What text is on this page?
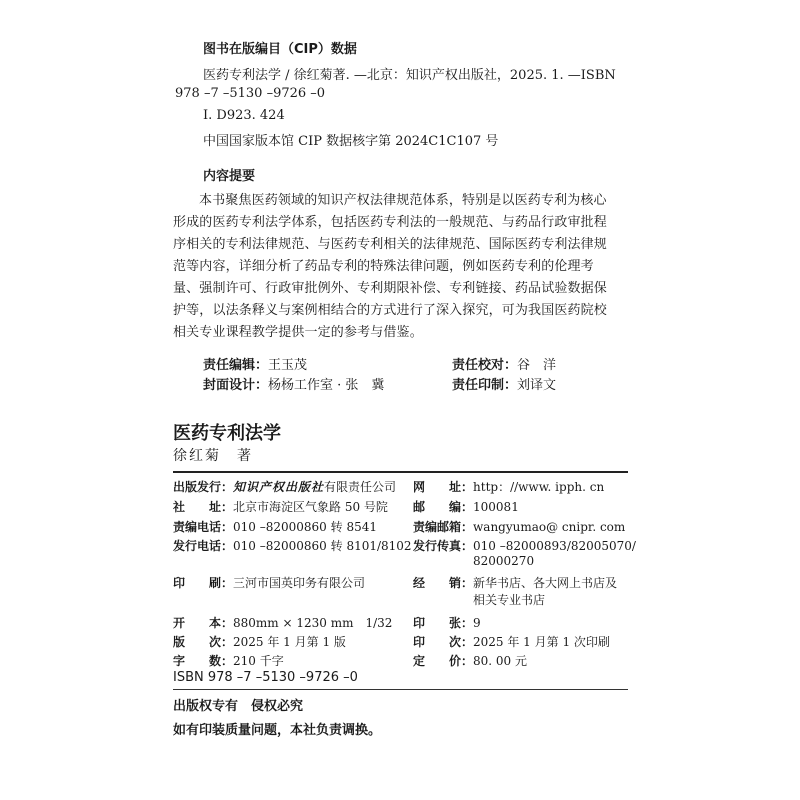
图书在版编目（CIP）数据
医药专利法学 / 徐红菊著. —北京：知识产权出版社，2025. 1. —ISBN
978 –7 –5130 –9726 –0
Ⅰ. D923. 424
中国国家版本馆 CIP 数据核字第 2024C1C107 号
内容提要
本书聚焦医药领域的知识产权法律规范体系，特别是以医药专利为核心
形成的医药专利法学体系，包括医药专利法的一般规范、与药品行政审批程
序相关的专利法律规范、与医药专利相关的法律规范、国际医药专利法律规
范等内容，详细分析了药品专利的特殊法律问题，例如医药专利的伦理考
量、强制许可、行政审批例外、专利期限补偿、专利链接、药品试验数据保
护等，以法条释义与案例相结合的方式进行了深入探究，可为我国医药院校
相关专业课程教学提供一定的参考与借鉴。
责任编辑：王玉茂	责任校对：谷　洋
封面设计：杨杨工作室 · 张　冀	责任印制：刘译文
医药专利法学
徐红菊　著
出版发行：知识产权出版社有限责任公司
社　　址：北京市海淀区气象路 50 号院
责编电话：010 –82000860 转 8541
发行电话：010 –82000860 转 8101/8102
印　　刷：三河市国英印务有限公司
开　　本：880mm × 1230 mm　1/32
版　　次：2025 年 1 月第 1 版
字　　数：210 千字
网　　址：http：//www. ipph. cn
邮　　编：100081
责编邮箱：wangyumao@ cnipr. com
发行传真：010 –82000893/82005070/
82000270
经　　销：新华书店、各大网上书店及
相关专业书店
印　　张：9
印　　次：2025 年 1 月第 1 次印刷
定　　价：80. 00 元
ISBN 978 –7 –5130 –9726 –0
出版权专有　侵权必究
如有印装质量问题，本社负责调换。
